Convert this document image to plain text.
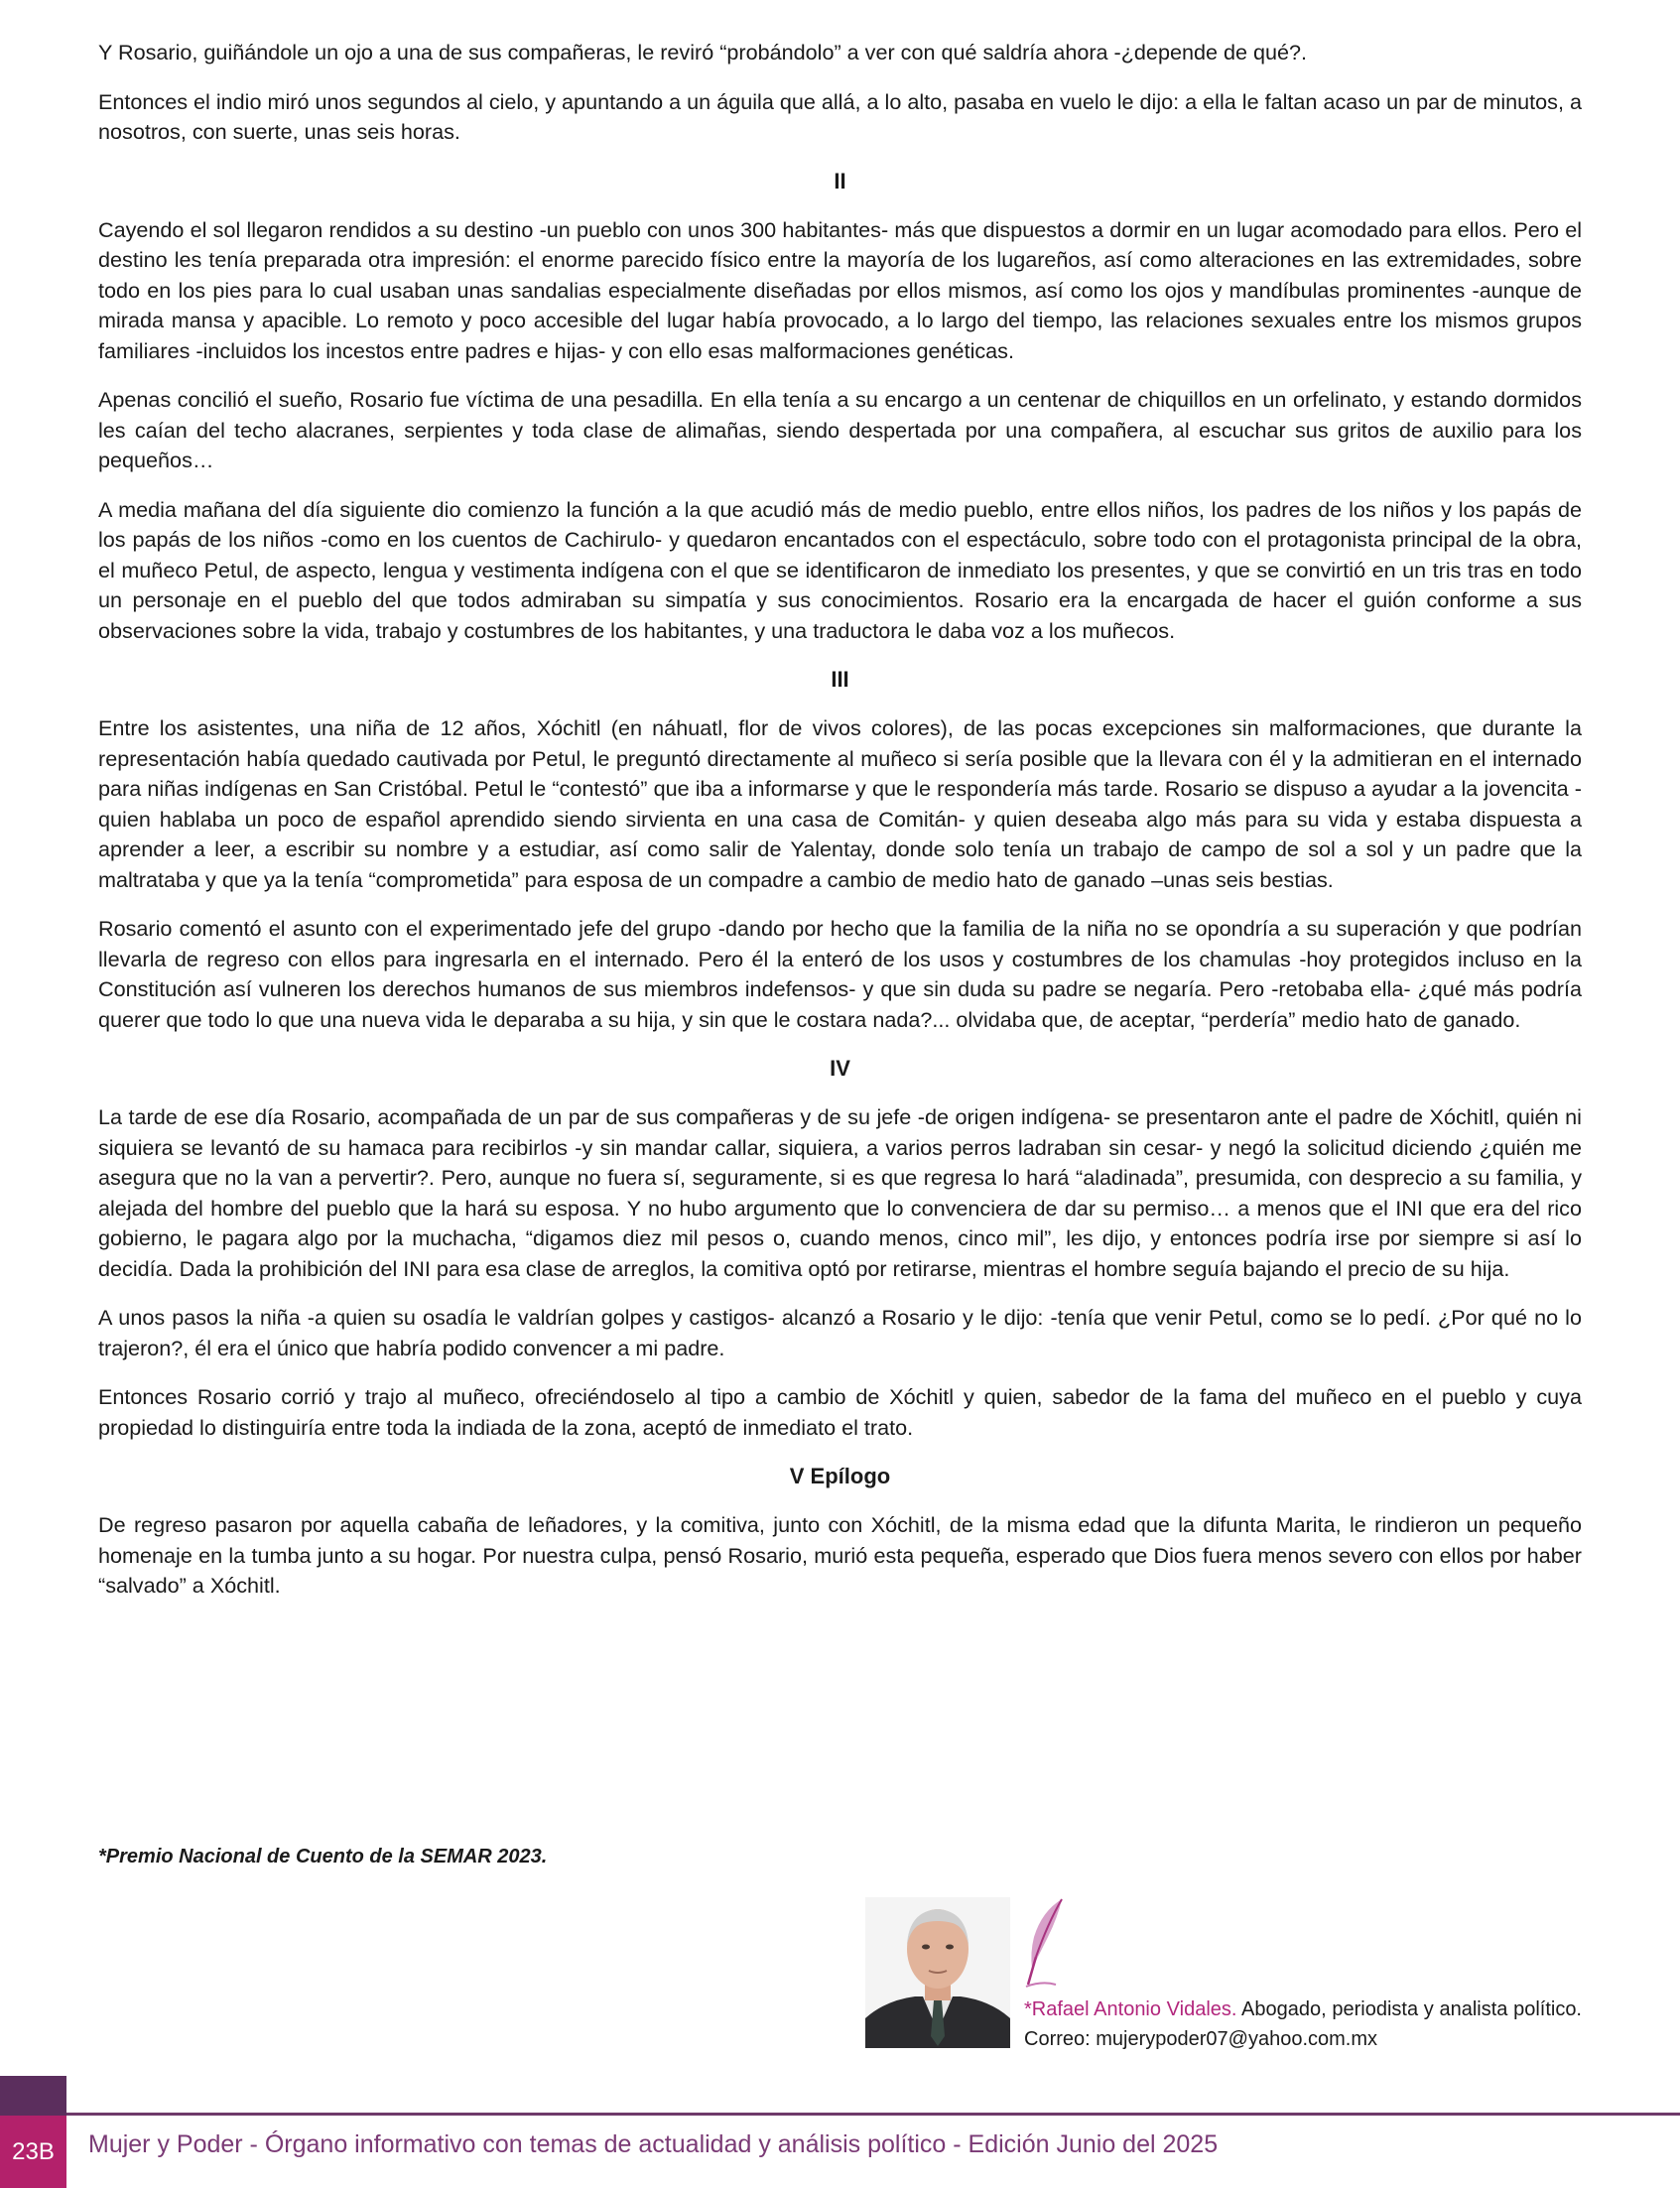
Y Rosario, guiñándole un ojo a una de sus compañeras, le reviró “probándolo” a ver con qué saldría ahora -¿depende de qué?.

Entonces el indio miró unos segundos al cielo, y apuntando a un águila que allá, a lo alto, pasaba en vuelo le dijo: a ella le faltan acaso un par de minutos, a nosotros, con suerte, unas seis horas.

II

Cayendo el sol llegaron rendidos a su destino -un pueblo con unos 300 habitantes- más que dispuestos a dormir en un lugar acomodado para ellos. Pero el destino les tenía preparada otra impresión: el enorme parecido físico entre la mayoría de los lugareños, así como alteraciones en las extremidades, sobre todo en los pies para lo cual usaban unas sandalias especialmente diseñadas por ellos mismos, así como los ojos y mandíbulas prominentes -aunque de mirada mansa y apacible. Lo remoto y poco accesible del lugar había provocado, a lo largo del tiempo, las relaciones sexuales entre los mismos grupos familiares -incluidos los incestos entre padres e hijas- y con ello esas malformaciones genéticas.

Apenas concilió el sueño, Rosario fue víctima de una pesadilla. En ella tenía a su encargo a un centenar de chiquillos en un orfelinato, y estando dormidos les caían del techo alacranes, serpientes y toda clase de alimañas, siendo despertada por una compañera, al escuchar sus gritos de auxilio para los pequeños…

A media mañana del día siguiente dio comienzo la función a la que acudió más de medio pueblo, entre ellos niños, los padres de los niños y los papás de los papás de los niños -como en los cuentos de Cachirulo- y quedaron encantados con el espectáculo, sobre todo con el protagonista principal de la obra, el muñeco Petul, de aspecto, lengua y vestimenta indígena con el que se identificaron de inmediato los presentes, y que se convirtió en un tris tras en todo un personaje en el pueblo del que todos admiraban su simpatía y sus conocimientos. Rosario era la encargada de hacer el guión conforme a sus observaciones sobre la vida, trabajo y costumbres de los habitantes, y una traductora le daba voz a los muñecos.

III

Entre los asistentes, una niña de 12 años, Xóchitl (en náhuatl, flor de vivos colores), de las pocas excepciones sin malformaciones, que durante la representación había quedado cautivada por Petul, le preguntó directamente al muñeco si sería posible que la llevara con él y la admitieran en el internado para niñas indígenas en San Cristóbal. Petul le “contestó” que iba a informarse y que le respondería más tarde. Rosario se dispuso a ayudar a la jovencita -quien hablaba un poco de español aprendido siendo sirvienta en una casa de Comitán- y quien deseaba algo más para su vida y estaba dispuesta a aprender a leer, a escribir su nombre y a estudiar, así como salir de Yalentay, donde solo tenía un trabajo de campo de sol a sol y un padre que la maltrataba y que ya la tenía “comprometida” para esposa de un compadre a cambio de medio hato de ganado –unas seis bestias.

Rosario comentó el asunto con el experimentado jefe del grupo -dando por hecho que la familia de la niña no se opondría a su superación y que podrían llevarla de regreso con ellos para ingresarla en el internado. Pero él la enteró de los usos y costumbres de los chamulas -hoy protegidos incluso en la Constitución así vulneren los derechos humanos de sus miembros indefensos- y que sin duda su padre se negaría. Pero -retobaba ella- ¿qué más podría querer que todo lo que una nueva vida le deparaba a su hija, y sin que le costara nada?... olvidaba que, de aceptar, “perdería” medio hato de ganado.

IV

La tarde de ese día Rosario, acompañada de un par de sus compañeras y de su jefe -de origen indígena- se presentaron ante el padre de Xóchitl, quién ni siquiera se levantó de su hamaca para recibirlos -y sin mandar callar, siquiera, a varios perros ladraban sin cesar- y negó la solicitud diciendo ¿quién me asegura que no la van a pervertir?. Pero, aunque no fuera sí, seguramente, si es que regresa lo hará “aladinada”, presumida, con desprecio a su familia, y alejada del hombre del pueblo que la hará su esposa. Y no hubo argumento que lo convenciera de dar su permiso… a menos que el INI que era del rico gobierno, le pagara algo por la muchacha, “digamos diez mil pesos o, cuando menos, cinco mil”, les dijo, y entonces podría irse por siempre si así lo decidía. Dada la prohibición del INI para esa clase de arreglos, la comitiva optó por retirarse, mientras el hombre seguía bajando el precio de su hija.

A unos pasos la niña -a quien su osadía le valdrían golpes y castigos- alcanzó a Rosario y le dijo: -tenía que venir Petul, como se lo pedí. ¿Por qué no lo trajeron?, él era el único que habría podido convencer a mi padre.

Entonces Rosario corrió y trajo al muñeco, ofreciéndoselo al tipo a cambio de Xóchitl y quien, sabedor de la fama del muñeco en el pueblo y cuya propiedad lo distinguiría entre toda la indiada de la zona, aceptó de inmediato el trato.

V Epílogo

De regreso pasaron por aquella cabaña de leñadores, y la comitiva, junto con Xóchitl, de la misma edad que la difunta Marita, le rindieron un pequeño homenaje en la tumba junto a su hogar. Por nuestra culpa, pensó Rosario, murió esta pequeña, esperado que Dios fuera menos severo con ellos por haber “salvado” a Xóchitl.

*Premio Nacional de Cuento de la SEMAR 2023.
*Rafael Antonio Vidales. Abogado, periodista y analista político. Correo: mujerypoder07@yahoo.com.mx
23B Mujer y Poder - Órgano informativo con temas de actualidad y análisis político - Edición Junio del 2025
